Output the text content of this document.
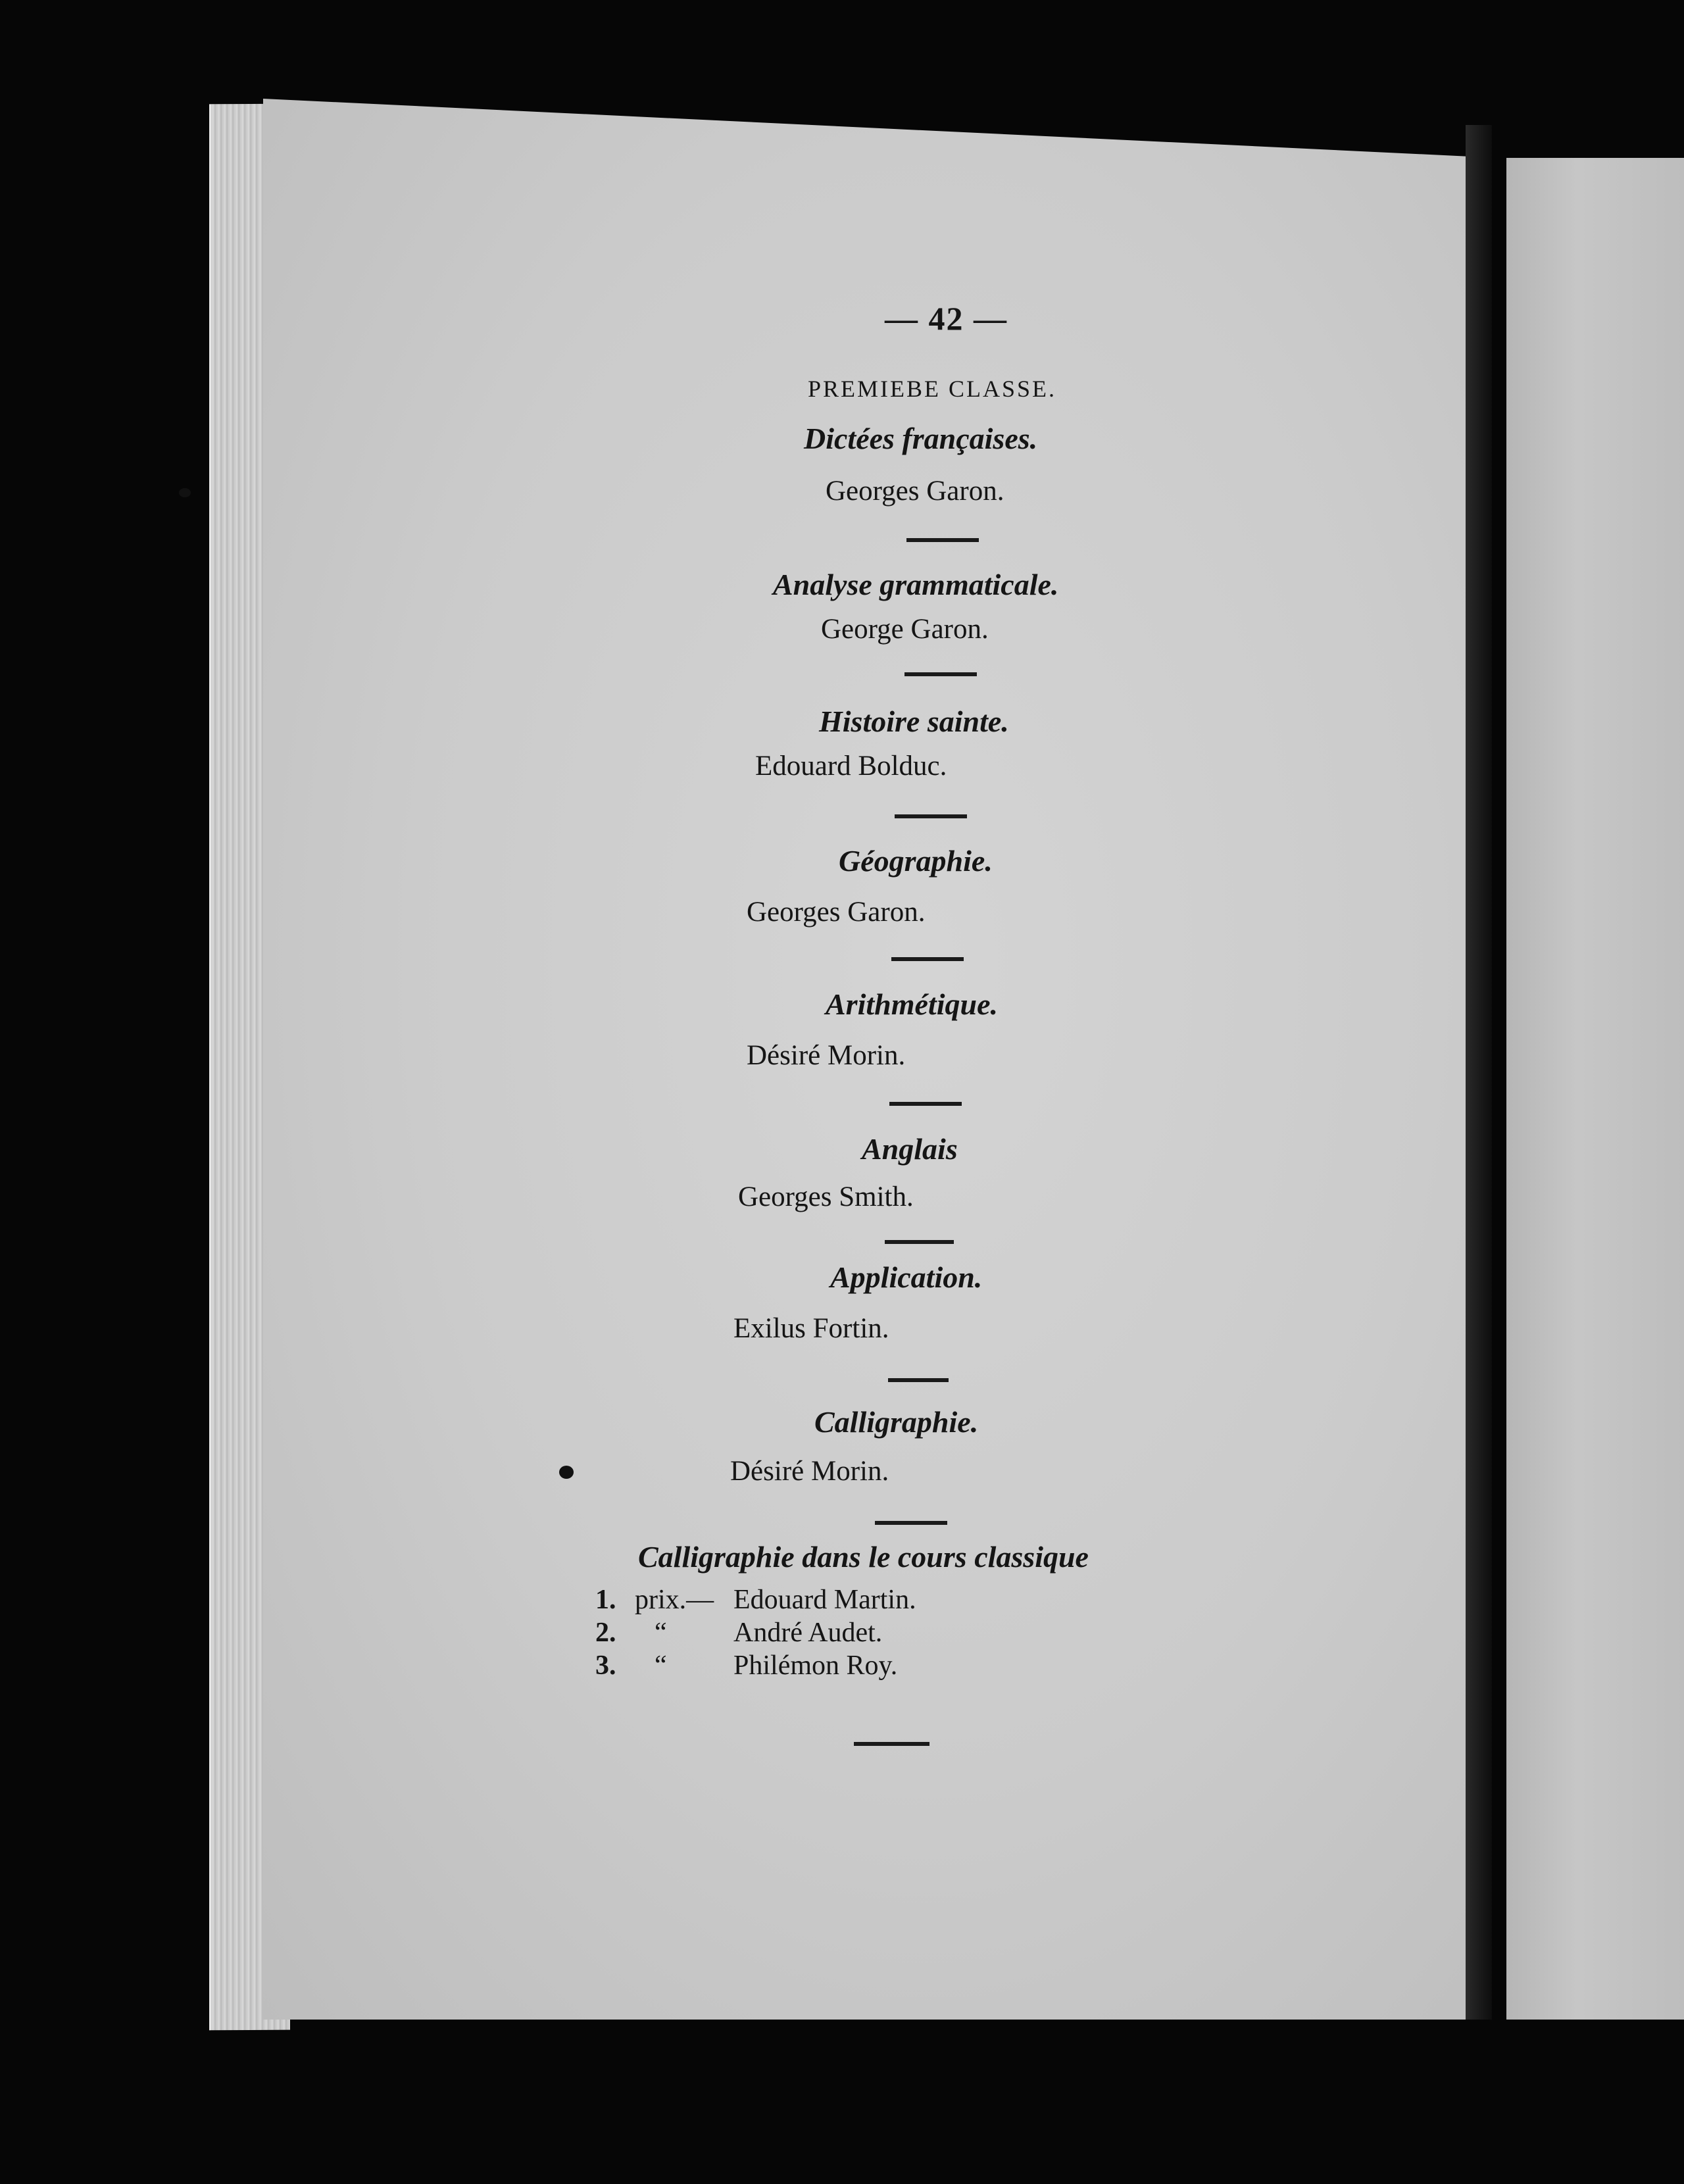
— 42 —
PREMIEBE CLASSE.
Dictées françaises.
Georges Garon.
Analyse grammaticale.
George Garon.
Histoire sainte.
Edouard Bolduc.
Géographie.
Georges Garon.
Arithmétique.
Désiré Morin.
Anglais
Georges Smith.
Application.
Exilus Fortin.
Calligraphie.
Désiré Morin.
Calligraphie dans le cours classique
1. prix.— Edouard Martin.
2.	“	André Audet.
3.	“	Philémon Roy.
